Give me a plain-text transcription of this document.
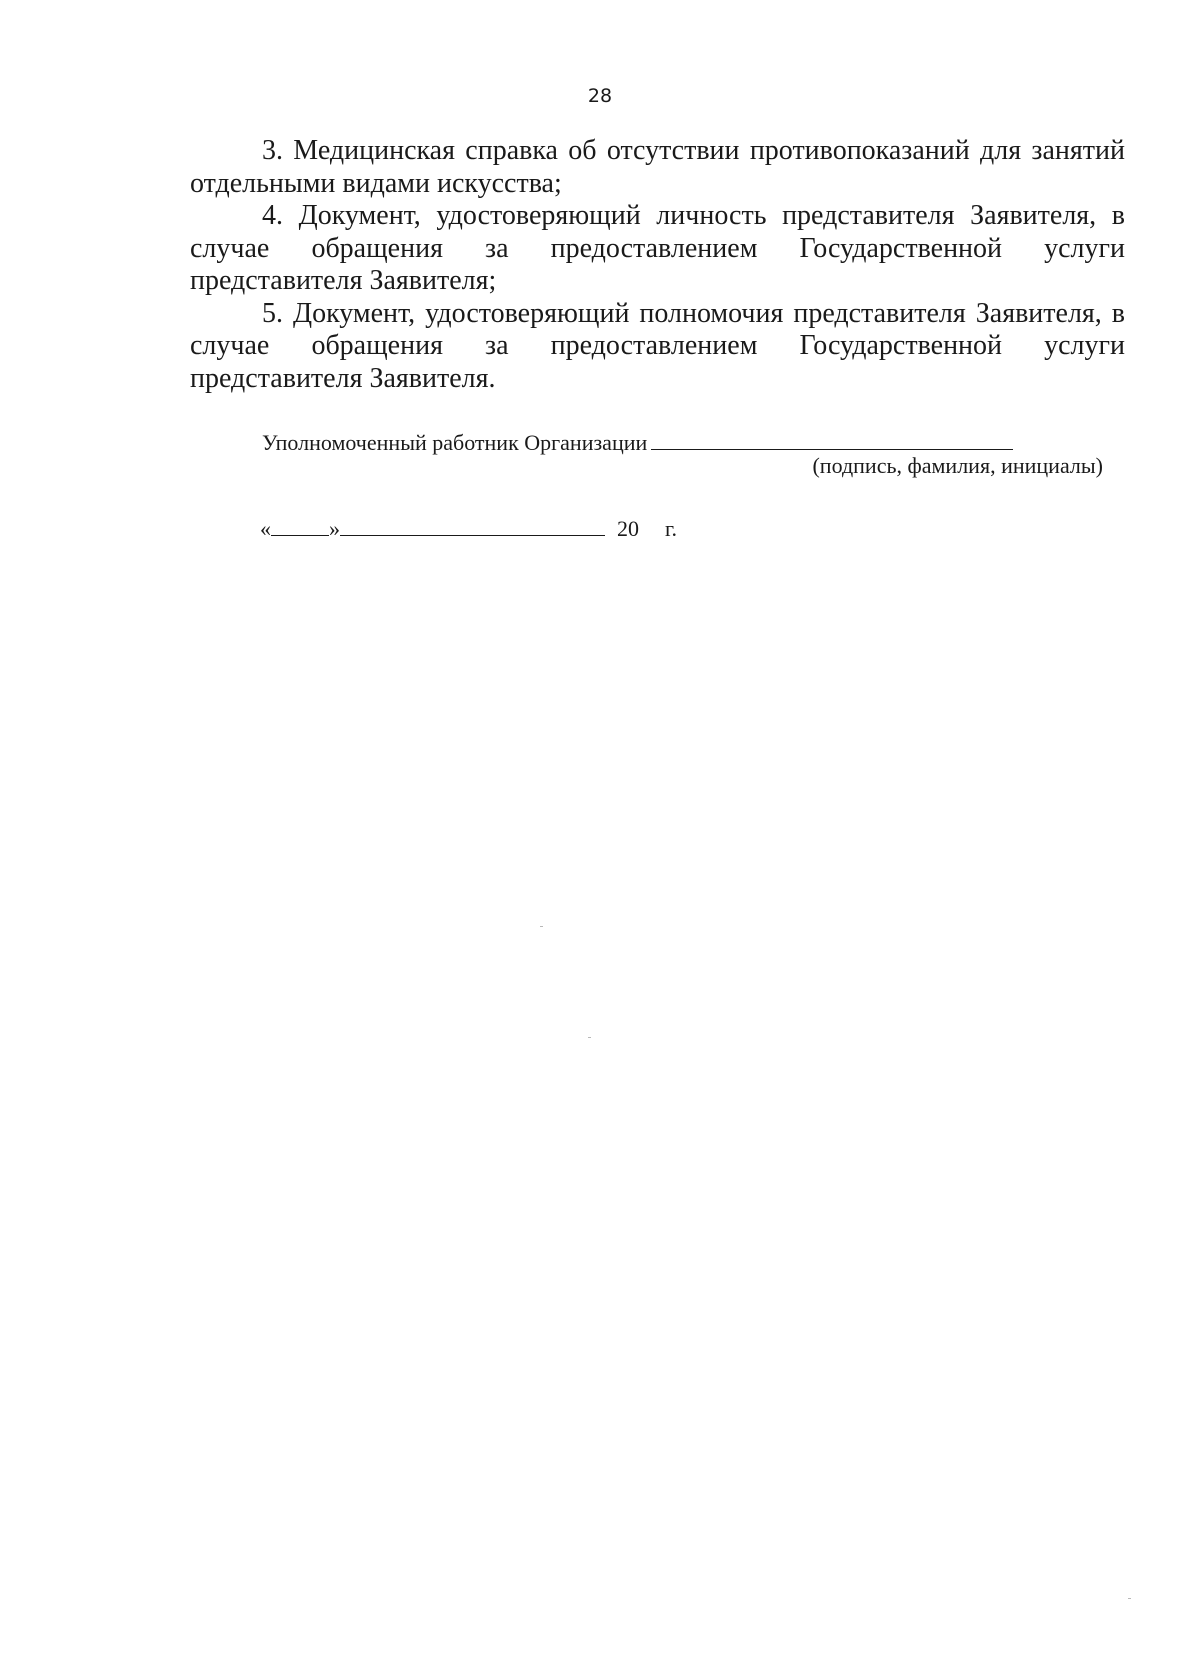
28

3. Медицинская справка об отсутствии противопоказаний для занятий отдельными видами искусства;

4. Документ, удостоверяющий личность представителя Заявителя, в случае обращения за предоставлением Государственной услуги представителя Заявителя;

5. Документ, удостоверяющий полномочия представителя Заявителя, в случае обращения за предоставлением Государственной услуги представителя Заявителя.

Уполномоченный работник Организации
(подпись, фамилия, инициалы)
«	»	20 г.
